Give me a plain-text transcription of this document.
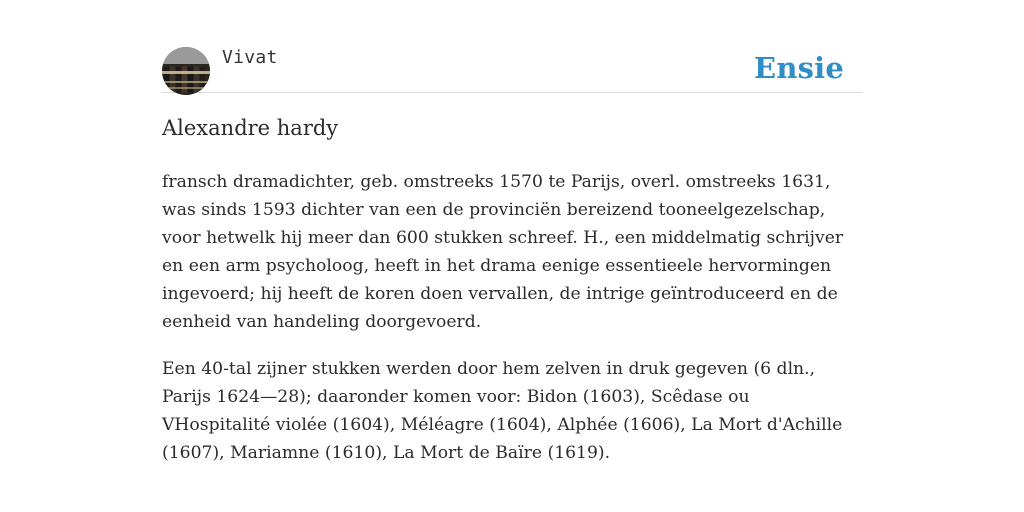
Vivat	Ensie
Alexandre hardy

fransch dramadichter, geb. omstreeks 1570 te Parijs, overl. omstreeks 1631, was sinds 1593 dichter van een de provinciën bereizend tooneelgezelschap, voor hetwelk hij meer dan 600 stukken schreef. H., een middelmatig schrijver en een arm psycholoog, heeft in het drama eenige essentieele hervormingen ingevoerd; hij heeft de koren doen vervallen, de intrige geïntroduceerd en de eenheid van handeling doorgevoerd.

Een 40-tal zijner stukken werden door hem zelven in druk gegeven (6 dln., Parijs 1624—28); daaronder komen voor: Bidon (1603), Scêdase ou VHospitalité violée (1604), Méléagre (1604), Alphée (1606), La Mort d'Achille (1607), Mariamne (1610), La Mort de Baïre (1619).
